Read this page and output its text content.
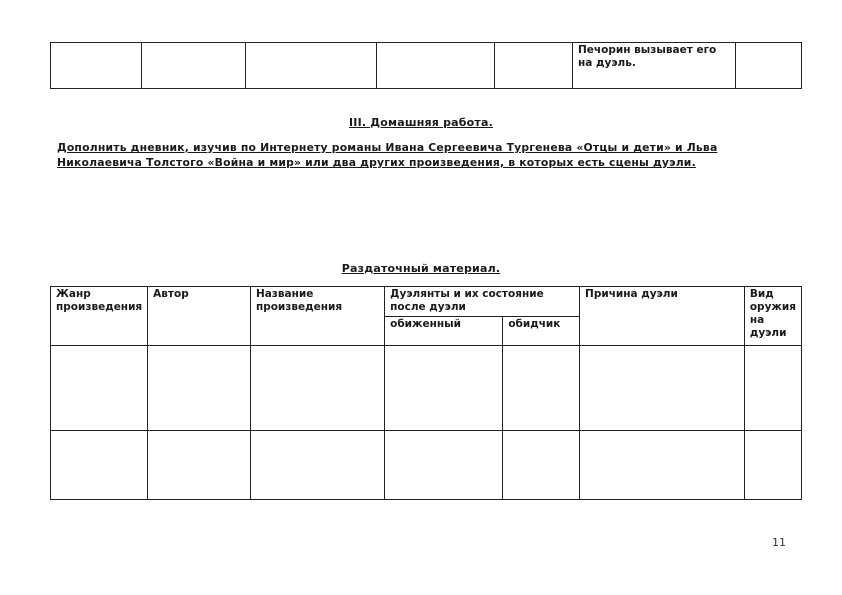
					Печорин вызывает его на дуэль.	
III. Домашняя работа.
Дополнить дневник, изучив по Интернету романы Ивана Сергеевича Тургенева «Отцы и дети» и Льва Николаевича Толстого «Война и мир» или два других произведения, в которых есть сцены дуэли.
Раздаточный материал.
Жанр произведения	Автор	Название произведения	Дуэлянты и их состояние после дуэли		Причина дуэли	Вид оружия на дуэли
			обиженный	обидчик		

11
